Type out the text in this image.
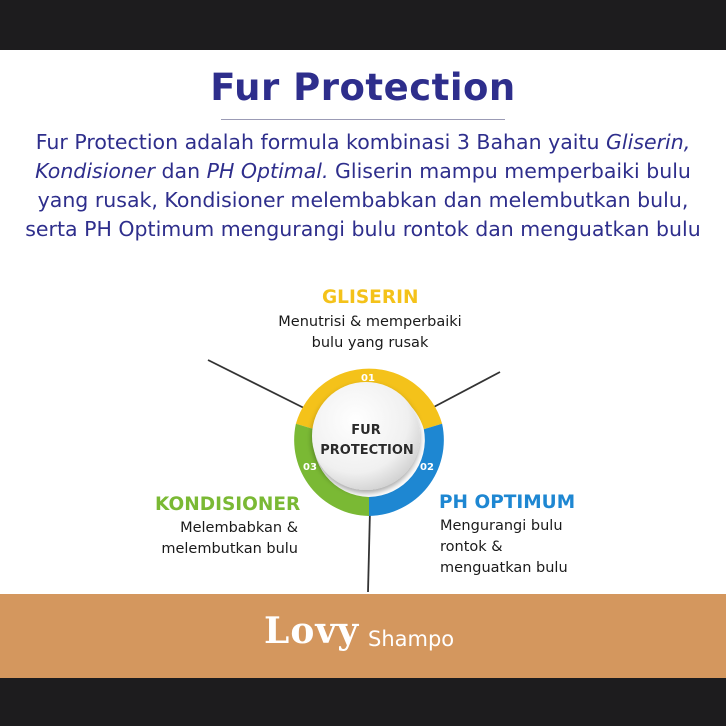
Fur Protection
Fur Protection adalah formula kombinasi 3 Bahan yaitu Gliserin,
Kondisioner dan PH Optimal. Gliserin mampu memperbaiki bulu yang rusak, Kondisioner melembabkan dan melembutkan bulu, serta PH Optimum mengurangi bulu rontok dan menguatkan bulu
01
02
03
FUR
PROTECTION
GLISERIN
Menutrisi & memperbaiki
bulu yang rusak
KONDISIONER
Melembabkan &
melembutkan bulu
PH OPTIMUM
Mengurangi bulu
rontok &
menguatkan bulu
Lovy Shampo
